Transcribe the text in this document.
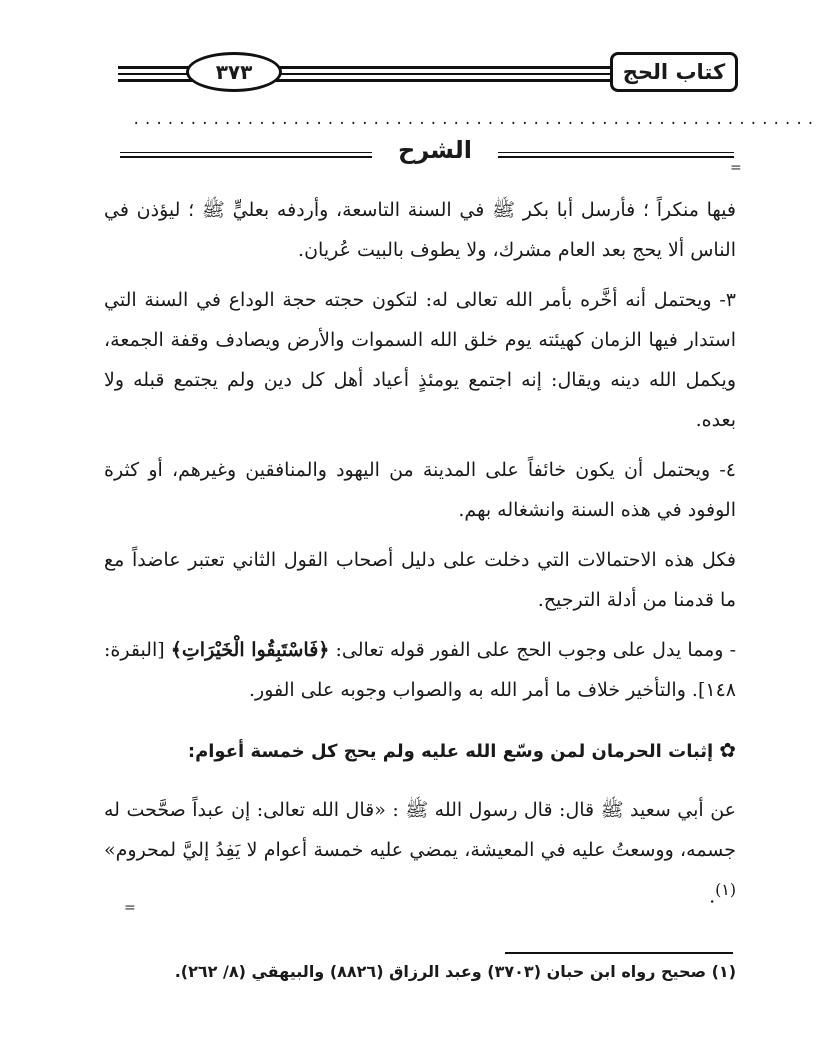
٣٧٣	كتاب الحج
............................................................
الشرح
=

فيها منكراً ؛ فأرسل أبا بكر ﷺ في السنة التاسعة، وأردفه بعليٍّ ﷺ ؛ ليؤذن في الناس ألا يحج بعد العام مشرك، ولا يطوف بالبيت عُريان.

٣- ويحتمل أنه أخَّره بأمر الله تعالى له: لتكون حجته حجة الوداع في السنة التي استدار فيها الزمان كهيئته يوم خلق الله السموات والأرض ويصادف وقفة الجمعة، ويكمل الله دينه ويقال: إنه اجتمع يومئذٍ أعياد أهل كل دين ولم يجتمع قبله ولا بعده.

٤- ويحتمل أن يكون خائفاً على المدينة من اليهود والمنافقين وغيرهم، أو كثرة الوفود في هذه السنة وانشغاله بهم.

فكل هذه الاحتمالات التي دخلت على دليل أصحاب القول الثاني تعتبر عاضداً مع ما قدمنا من أدلة الترجيح.

- ومما يدل على وجوب الحج على الفور قوله تعالى: ﴿فَاسْتَبِقُوا الْخَيْرَاتِ﴾ [البقرة: ١٤٨]. والتأخير خلاف ما أمر الله به والصواب وجوبه على الفور.

✿إثبات الحرمان لمن وسّع الله عليه ولم يحج كل خمسة أعوام:
عن أبي سعيد ﷺ قال: قال رسول الله ﷺ : «قال الله تعالى: إن عبداً صحَّحت له جسمه، ووسعتُ عليه في المعيشة، يمضي عليه خمسة أعوام لا يَفِدُ إليَّ لمحروم» $^{(١)}$.
=
(١) صحيح رواه ابن حبان (٣٧٠٣) وعبد الرزاق (٨٨٢٦) والبيهقي (٨/ ٢٦٢).
